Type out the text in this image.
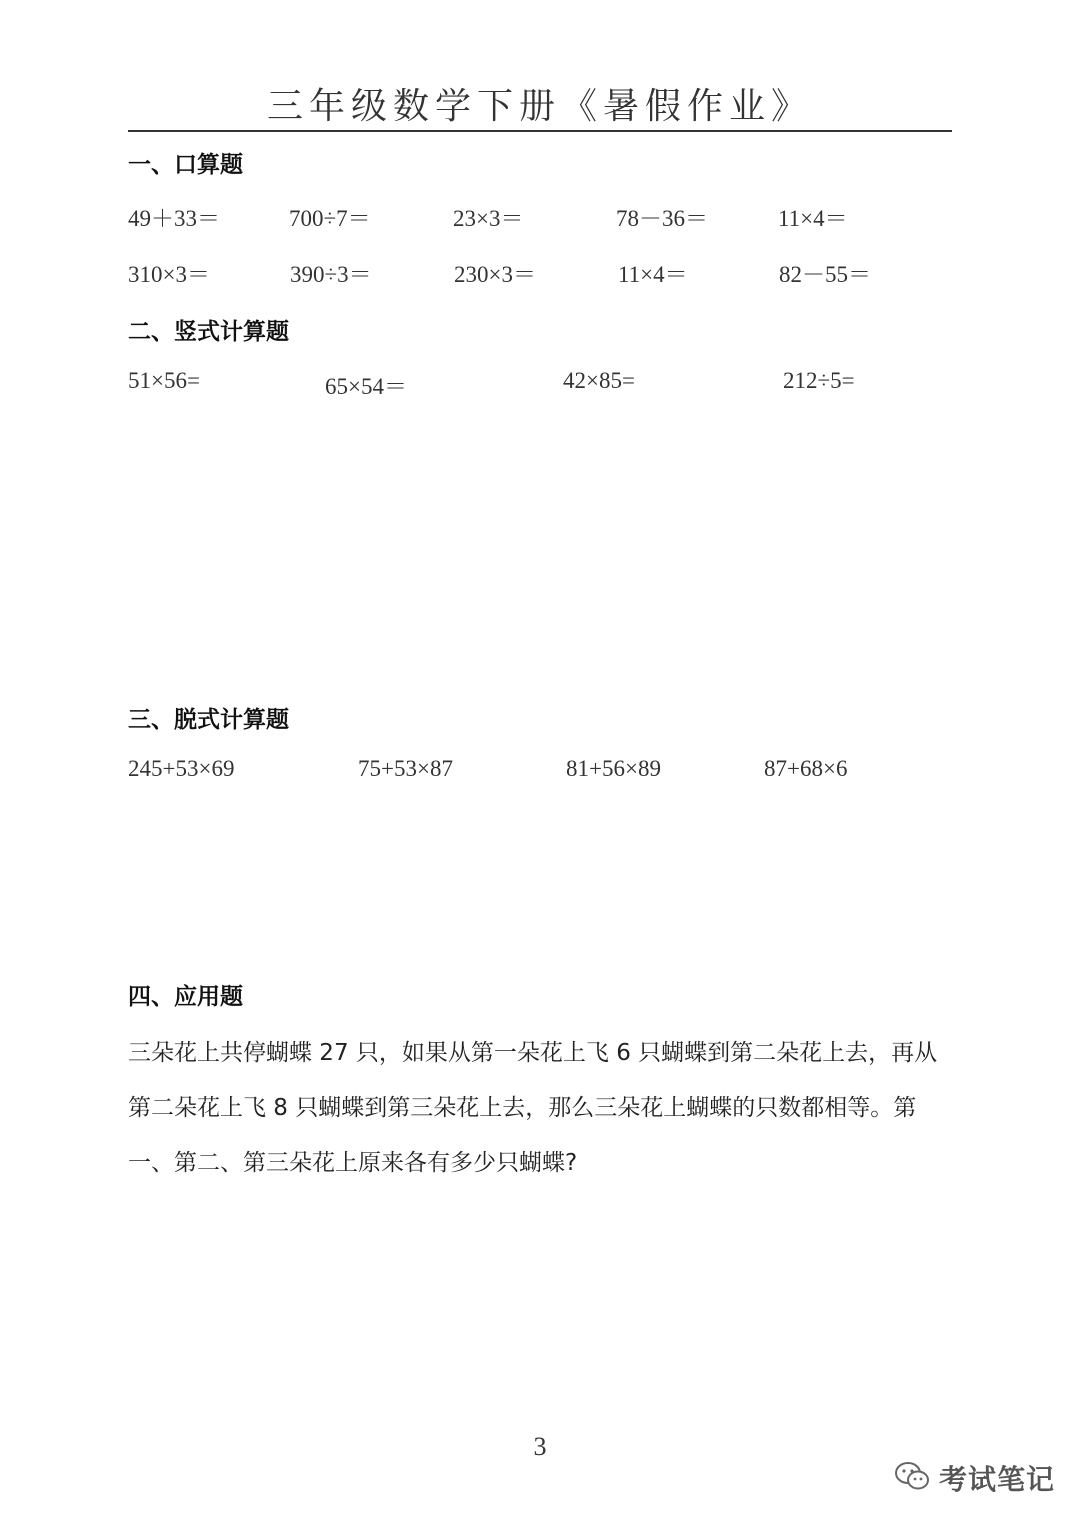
三年级数学下册《暑假作业》
一、口算题
49＋33＝	700÷7＝	23×3＝	78－36＝	11×4＝
310×3＝	390÷3＝	230×3＝	11×4＝	82－55＝
二、竖式计算题
51×56=	65×54＝	42×85=	212÷5=
三、脱式计算题
245+53×69	75+53×87	81+56×89	87+68×6
四、应用题
三朵花上共停蝴蝶 27 只，如果从第一朵花上飞 6 只蝴蝶到第二朵花上去，再从第二朵花上飞 8 只蝴蝶到第三朵花上去，那么三朵花上蝴蝶的只数都相等。第一、第二、第三朵花上原来各有多少只蝴蝶?
3
考试笔记
